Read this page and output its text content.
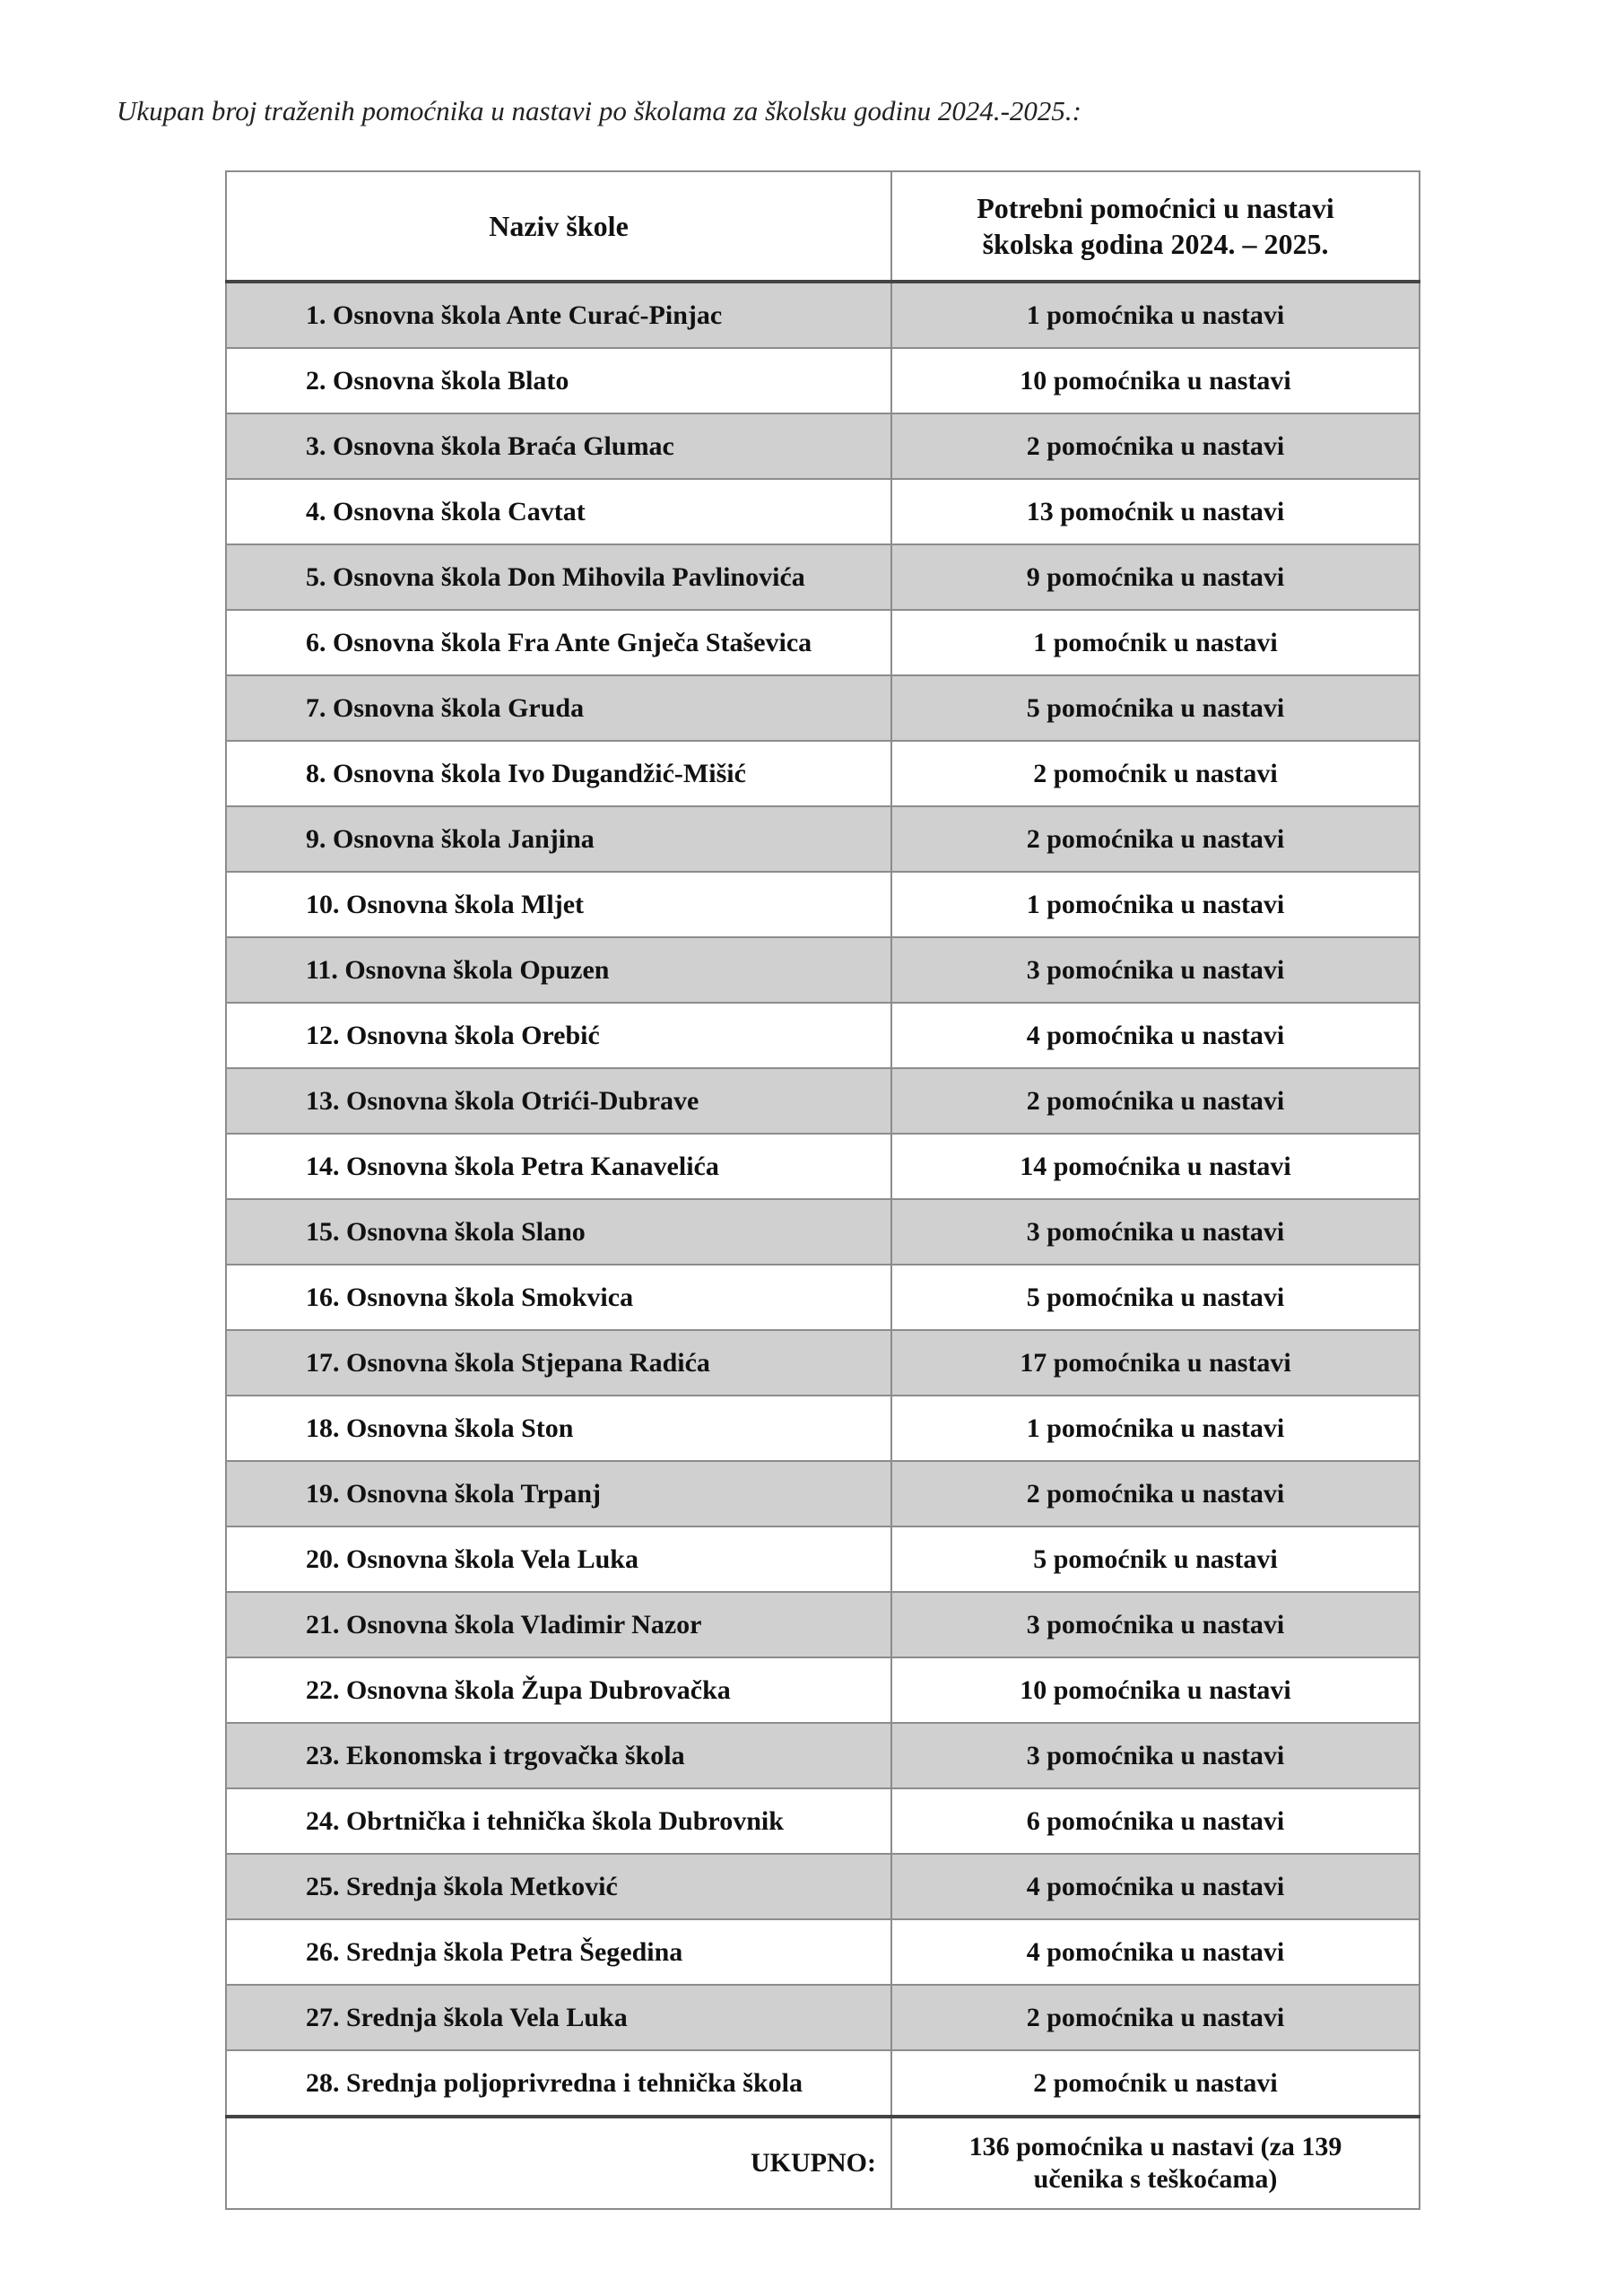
Ukupan broj traženih pomoćnika u nastavi po školama za školsku godinu 2024.-2025.:
Naziv škole	Potrebni pomoćnici u nastavi
školska godina 2024. – 2025.

1. Osnovna škola Ante Curać-Pinjac	1 pomoćnika u nastavi
2. Osnovna škola Blato	10 pomoćnika u nastavi
3. Osnovna škola Braća Glumac	2 pomoćnika u nastavi
4. Osnovna škola Cavtat	13 pomoćnik u nastavi
5. Osnovna škola Don Mihovila Pavlinovića	9 pomoćnika u nastavi
6. Osnovna škola Fra Ante Gnječa Staševica	1 pomoćnik u nastavi
7. Osnovna škola Gruda	5 pomoćnika u nastavi
8. Osnovna škola Ivo Dugandžić-Mišić	2 pomoćnik u nastavi
9. Osnovna škola Janjina	2 pomoćnika u nastavi
10. Osnovna škola Mljet	1 pomoćnika u nastavi
11. Osnovna škola Opuzen	3 pomoćnika u nastavi
12. Osnovna škola Orebić	4 pomoćnika u nastavi
13. Osnovna škola Otrići-Dubrave	2 pomoćnika u nastavi
14. Osnovna škola Petra Kanavelića	14 pomoćnika u nastavi
15. Osnovna škola Slano	3 pomoćnika u nastavi
16. Osnovna škola Smokvica	5 pomoćnika u nastavi
17. Osnovna škola Stjepana Radića	17 pomoćnika u nastavi
18. Osnovna škola Ston	1 pomoćnika u nastavi
19. Osnovna škola Trpanj	2 pomoćnika u nastavi
20. Osnovna škola Vela Luka	5 pomoćnik u nastavi
21. Osnovna škola Vladimir Nazor	3 pomoćnika u nastavi
22. Osnovna škola Župa Dubrovačka	10 pomoćnika u nastavi
23. Ekonomska i trgovačka škola	3 pomoćnika u nastavi
24. Obrtnička i tehnička škola Dubrovnik	6 pomoćnika u nastavi
25. Srednja škola Metković	4 pomoćnika u nastavi
26. Srednja škola Petra Šegedina	4 pomoćnika u nastavi
27. Srednja škola Vela Luka	2 pomoćnika u nastavi
28. Srednja poljoprivredna i tehnička škola	2 pomoćnik u nastavi
UKUPNO:	136 pomoćnika u nastavi (za 139
učenika s teškoćama)
